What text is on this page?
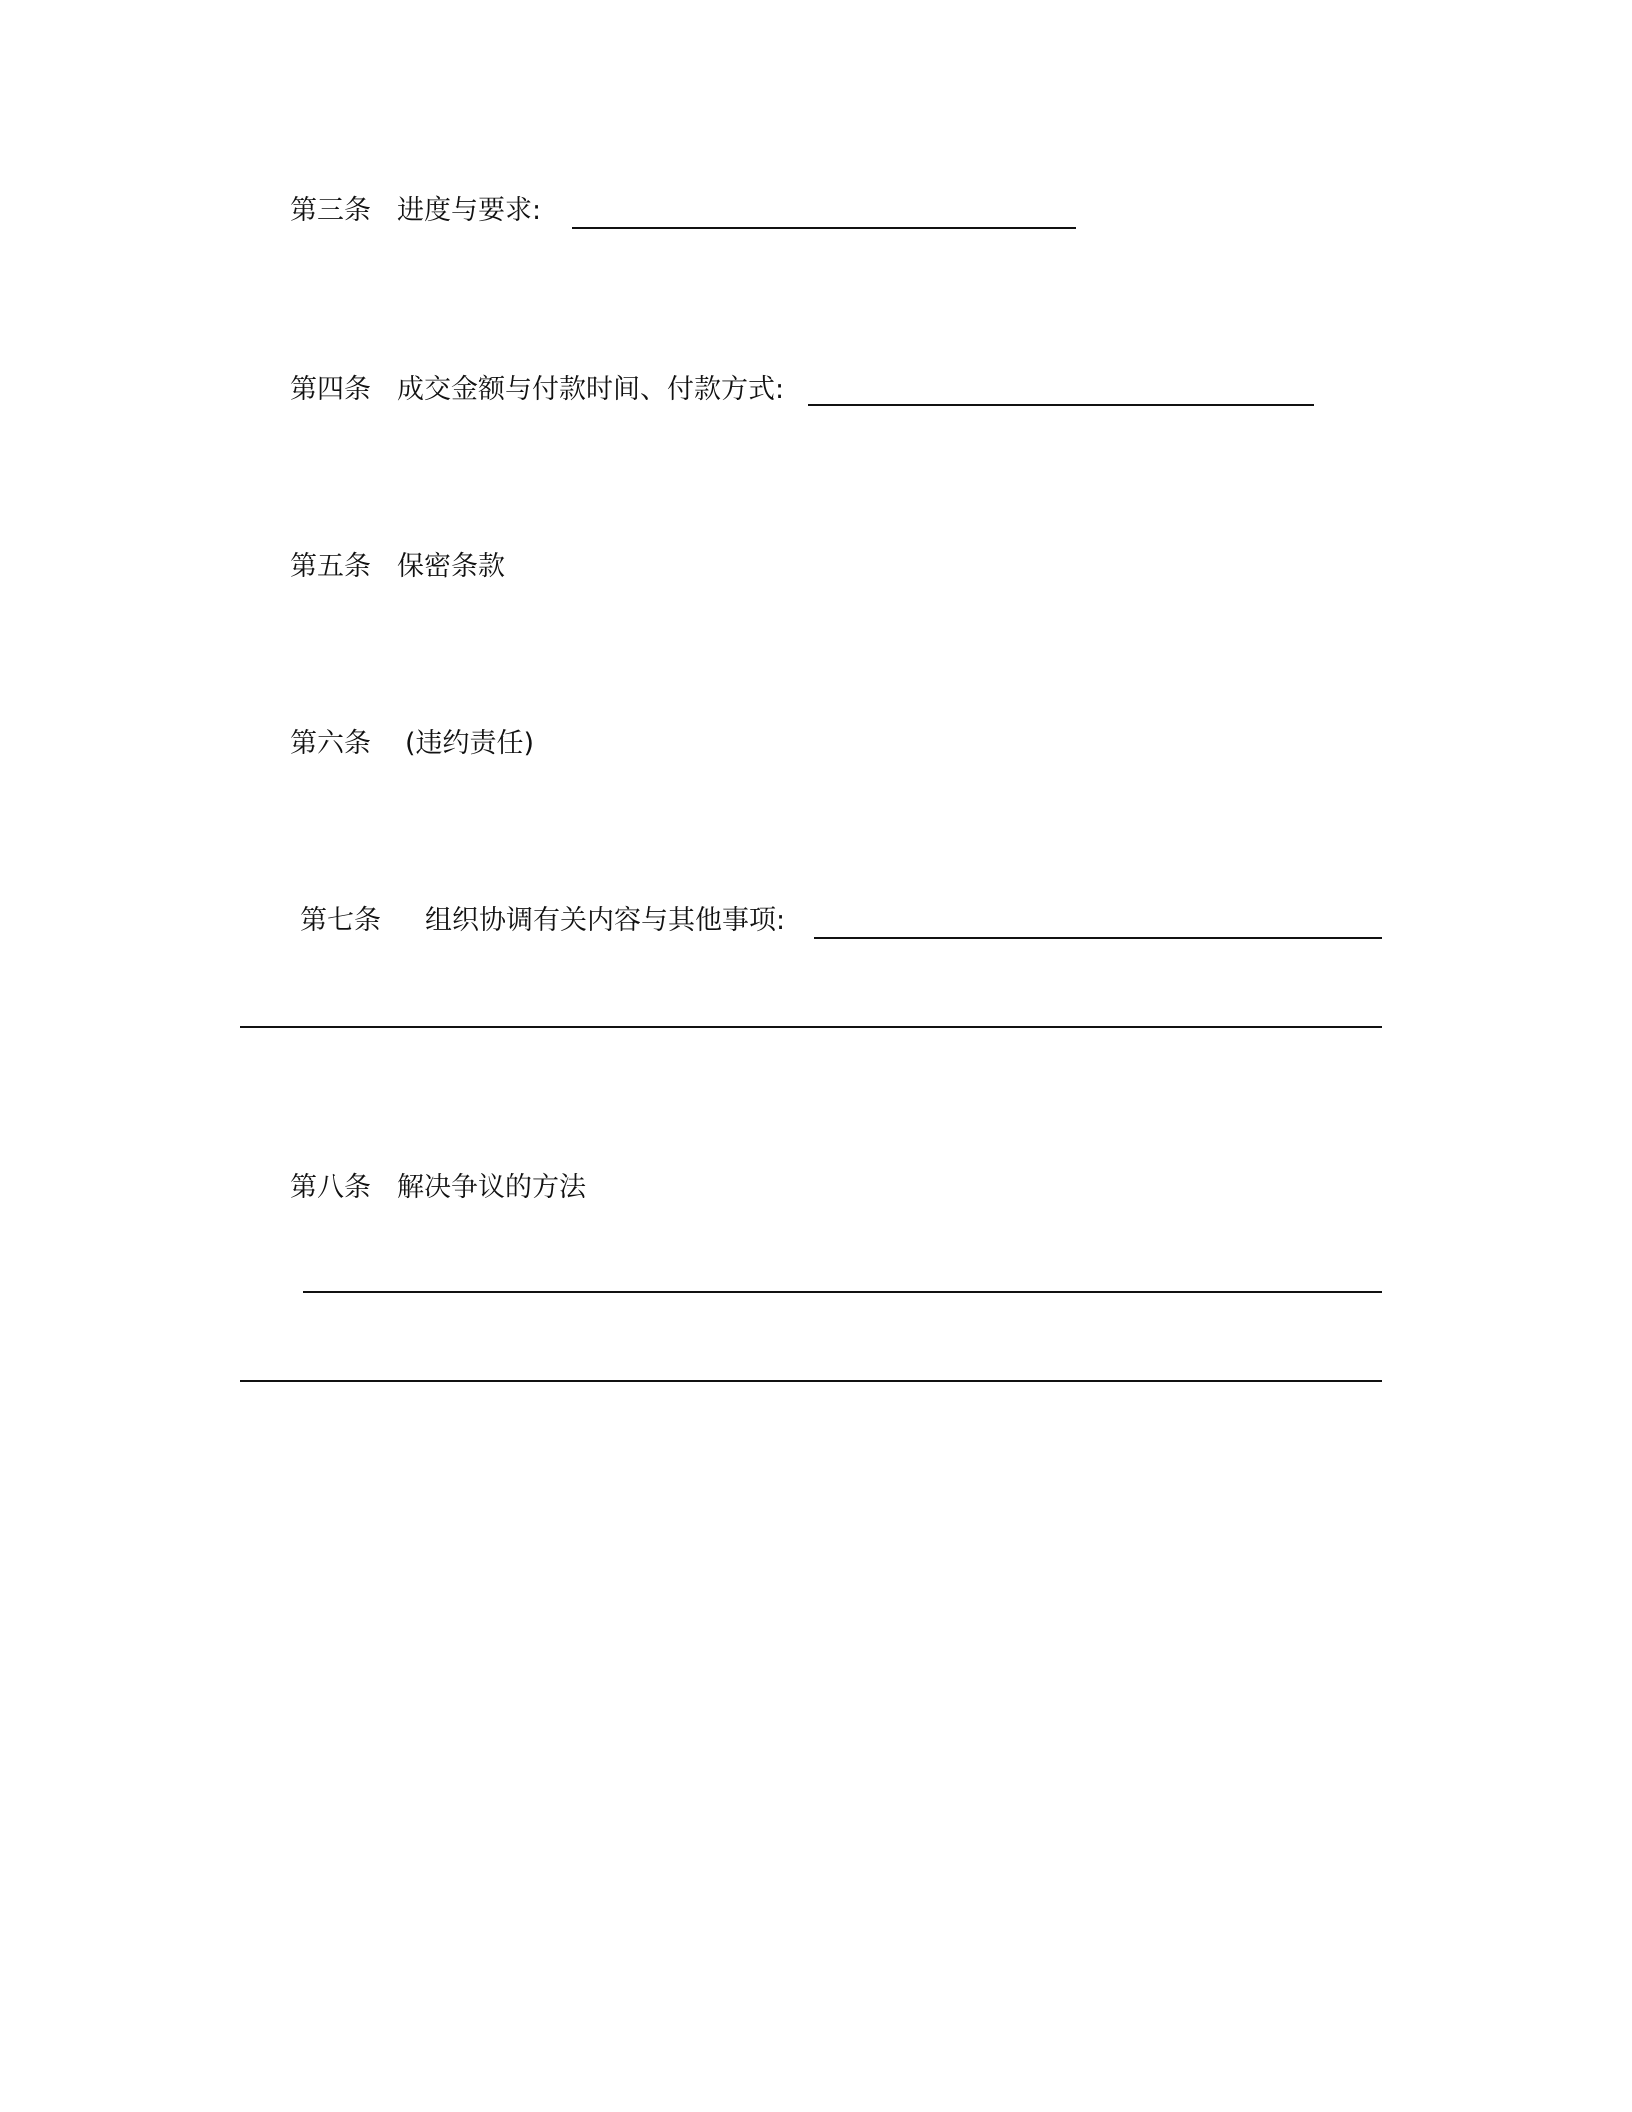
第三条 进度与要求:
第四条 成交金额与付款时间、付款方式:
第五条 保密条款
第六条 (违约责任)
第七条 组织协调有关内容与其他事项:
第八条 解决争议的方法
